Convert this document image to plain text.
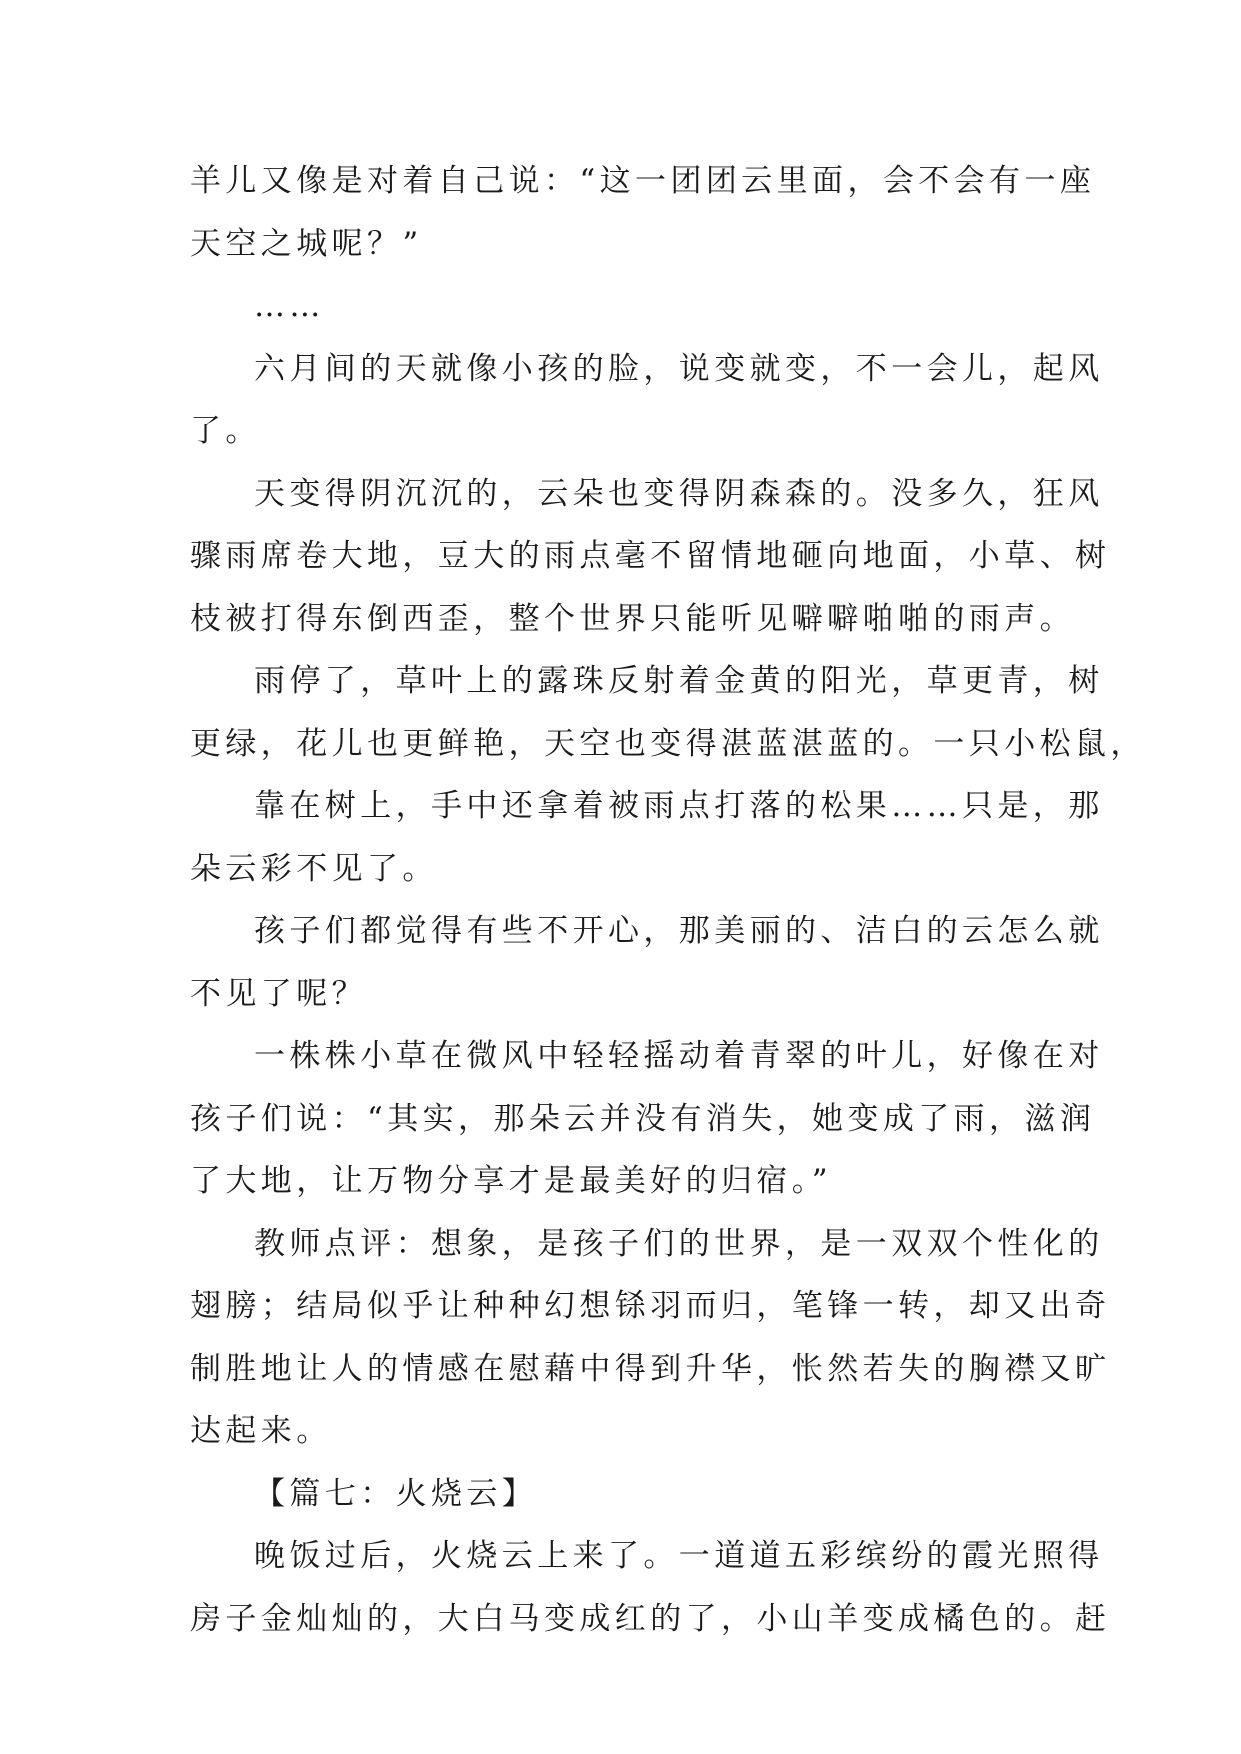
羊儿又像是对着自己说：“这一团团云里面，会不会有一座
天空之城呢？”
……
六月间的天就像小孩的脸，说变就变，不一会儿，起风
了。
天变得阴沉沉的，云朵也变得阴森森的。没多久，狂风
骤雨席卷大地，豆大的雨点毫不留情地砸向地面，小草、树
枝被打得东倒西歪，整个世界只能听见噼噼啪啪的雨声。
雨停了，草叶上的露珠反射着金黄的阳光，草更青，树
更绿，花儿也更鲜艳，天空也变得湛蓝湛蓝的。一只小松鼠，
靠在树上，手中还拿着被雨点打落的松果……只是，那
朵云彩不见了。
孩子们都觉得有些不开心，那美丽的、洁白的云怎么就
不见了呢？
一株株小草在微风中轻轻摇动着青翠的叶儿，好像在对
孩子们说：“其实，那朵云并没有消失，她变成了雨，滋润
了大地，让万物分享才是最美好的归宿。”
教师点评：想象，是孩子们的世界，是一双双个性化的
翅膀；结局似乎让种种幻想铩羽而归，笔锋一转，却又出奇
制胜地让人的情感在慰藉中得到升华，怅然若失的胸襟又旷
达起来。
【篇七：火烧云】
晚饭过后，火烧云上来了。一道道五彩缤纷的霞光照得
房子金灿灿的，大白马变成红的了，小山羊变成橘色的。赶
